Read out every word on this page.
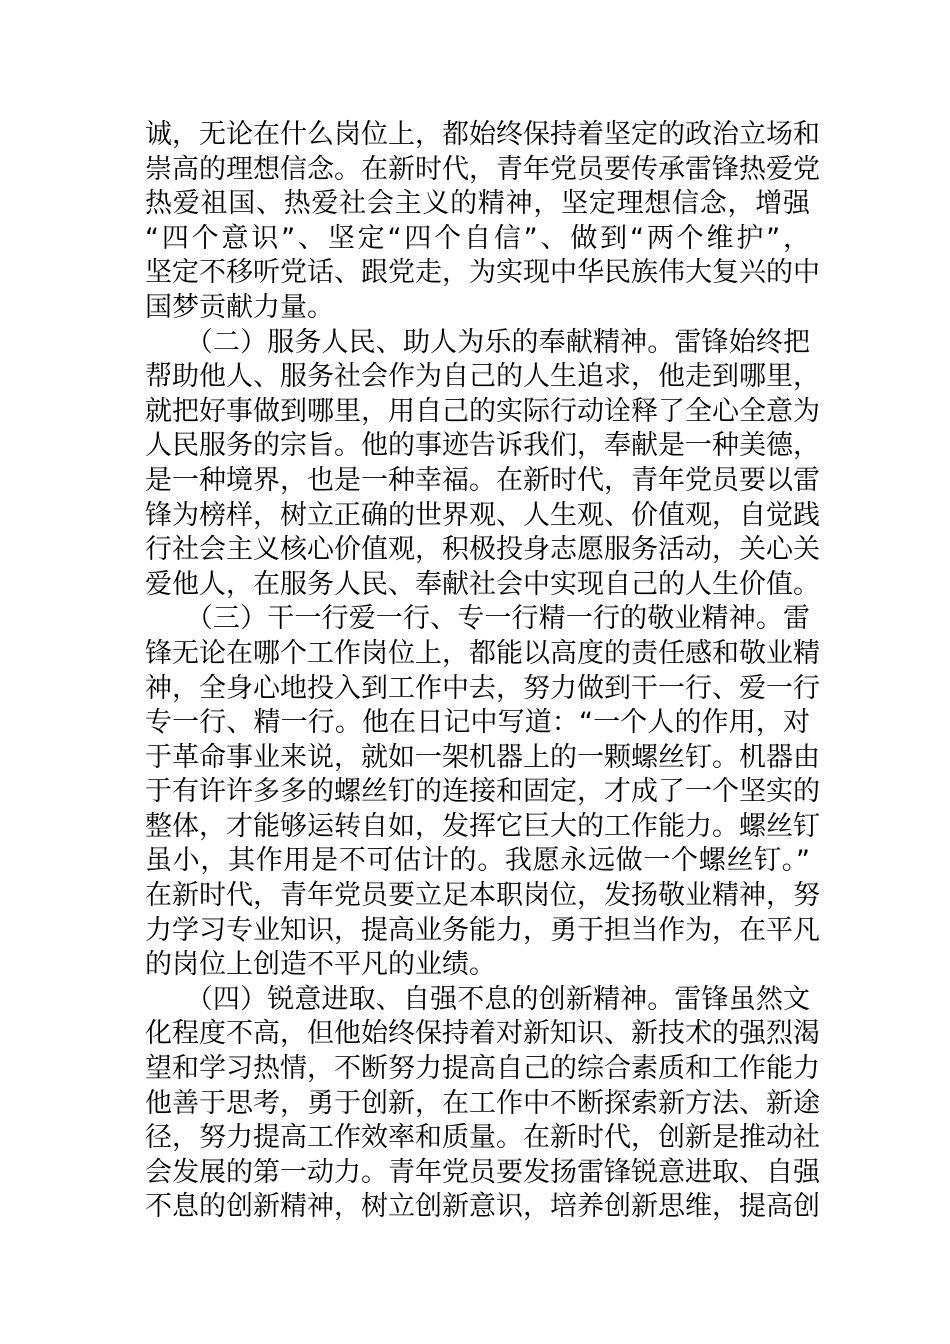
诚，无论在什么岗位上，都始终保持着坚定的政治立场和
崇高的理想信念。在新时代，青年党员要传承雷锋热爱党
热爱祖国、热爱社会主义的精神，坚定理想信念，增强
“四个意识”、坚定“四个自信”、做到“两个维护”，
坚定不移听党话、跟党走，为实现中华民族伟大复兴的中
国梦贡献力量。
　　（二）服务人民、助人为乐的奉献精神。雷锋始终把
帮助他人、服务社会作为自己的人生追求，他走到哪里，
就把好事做到哪里，用自己的实际行动诠释了全心全意为
人民服务的宗旨。他的事迹告诉我们，奉献是一种美德，
是一种境界，也是一种幸福。在新时代，青年党员要以雷
锋为榜样，树立正确的世界观、人生观、价值观，自觉践
行社会主义核心价值观，积极投身志愿服务活动，关心关
爱他人，在服务人民、奉献社会中实现自己的人生价值。
　　（三）干一行爱一行、专一行精一行的敬业精神。雷
锋无论在哪个工作岗位上，都能以高度的责任感和敬业精
神，全身心地投入到工作中去，努力做到干一行、爱一行
专一行、精一行。他在日记中写道：“一个人的作用，对
于革命事业来说，就如一架机器上的一颗螺丝钉。机器由
于有许许多多的螺丝钉的连接和固定，才成了一个坚实的
整体，才能够运转自如，发挥它巨大的工作能力。螺丝钉
虽小，其作用是不可估计的。我愿永远做一个螺丝钉。”
在新时代，青年党员要立足本职岗位，发扬敬业精神，努
力学习专业知识，提高业务能力，勇于担当作为，在平凡
的岗位上创造不平凡的业绩。
　　（四）锐意进取、自强不息的创新精神。雷锋虽然文
化程度不高，但他始终保持着对新知识、新技术的强烈渴
望和学习热情，不断努力提高自己的综合素质和工作能力
他善于思考，勇于创新，在工作中不断探索新方法、新途
径，努力提高工作效率和质量。在新时代，创新是推动社
会发展的第一动力。青年党员要发扬雷锋锐意进取、自强
不息的创新精神，树立创新意识，培养创新思维，提高创
